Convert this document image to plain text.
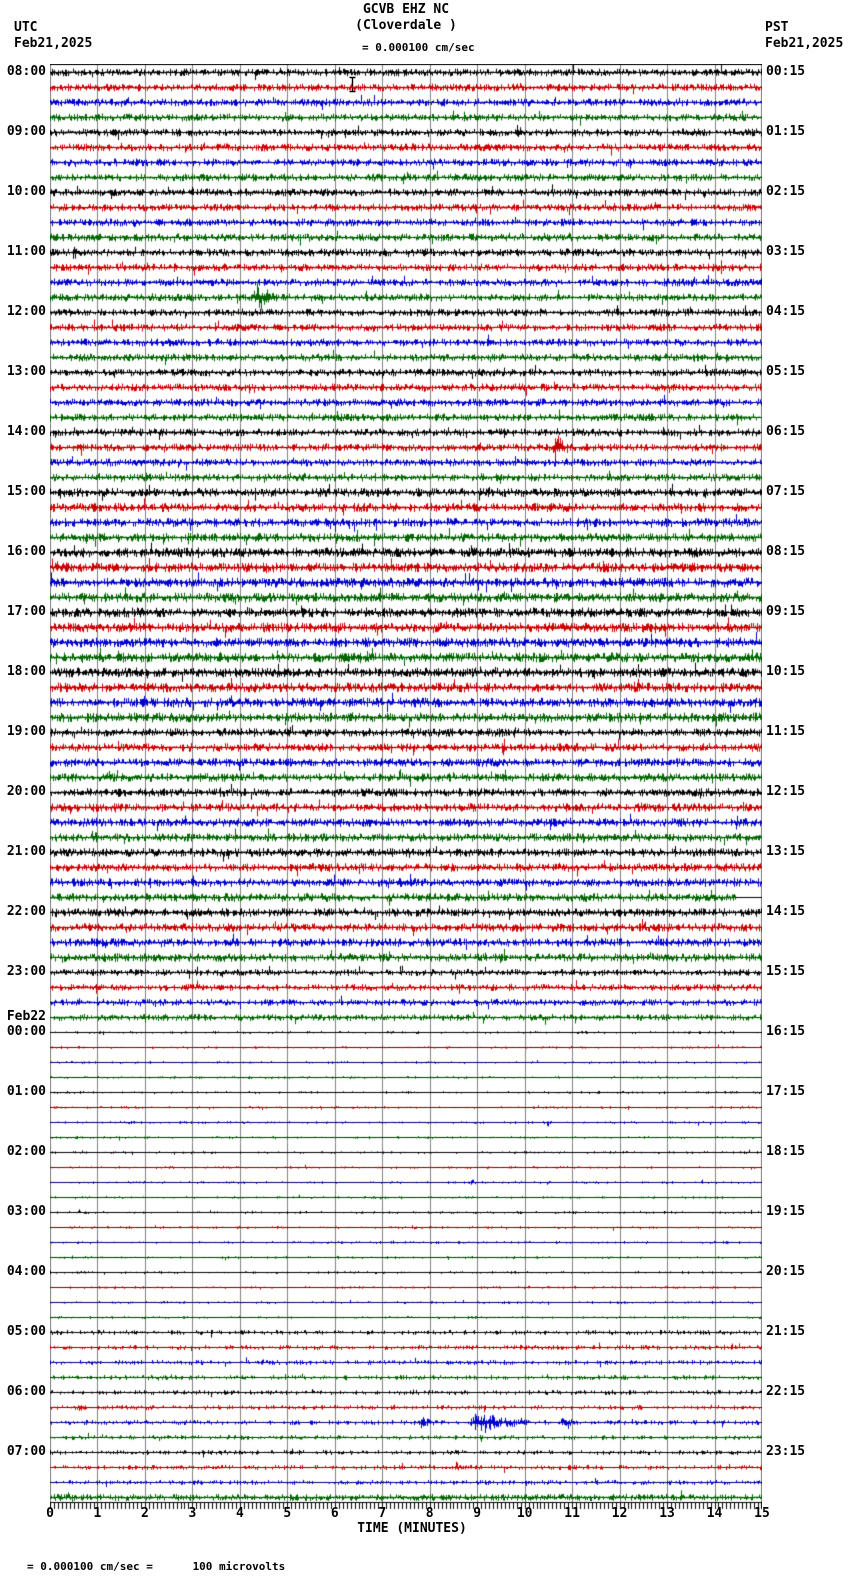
UTC
Feb21,2025
GCVB EHZ NC
(Cloverdale )

= 0.000100 cm/sec
PST
Feb21,2025
08:00
09:00
10:00
11:00
12:00
13:00
14:00
15:00
16:00
17:00
18:00
19:00
20:00
21:00
22:00
23:00
Feb22
00:00
01:00
02:00
03:00
04:00
05:00
06:00
07:00
00:15
01:15
02:15
03:15
04:15
05:15
06:15
07:15
08:15
09:15
10:15
11:15
12:15
13:15
14:15
15:15
16:15
17:15
18:15
19:15
20:15
21:15
22:15
23:15
0	1	2	3	4	5	6	7	8	9	10 11 12 13 14 15
TIME (MINUTES)

= 0.000100 cm/sec =      100 microvolts
